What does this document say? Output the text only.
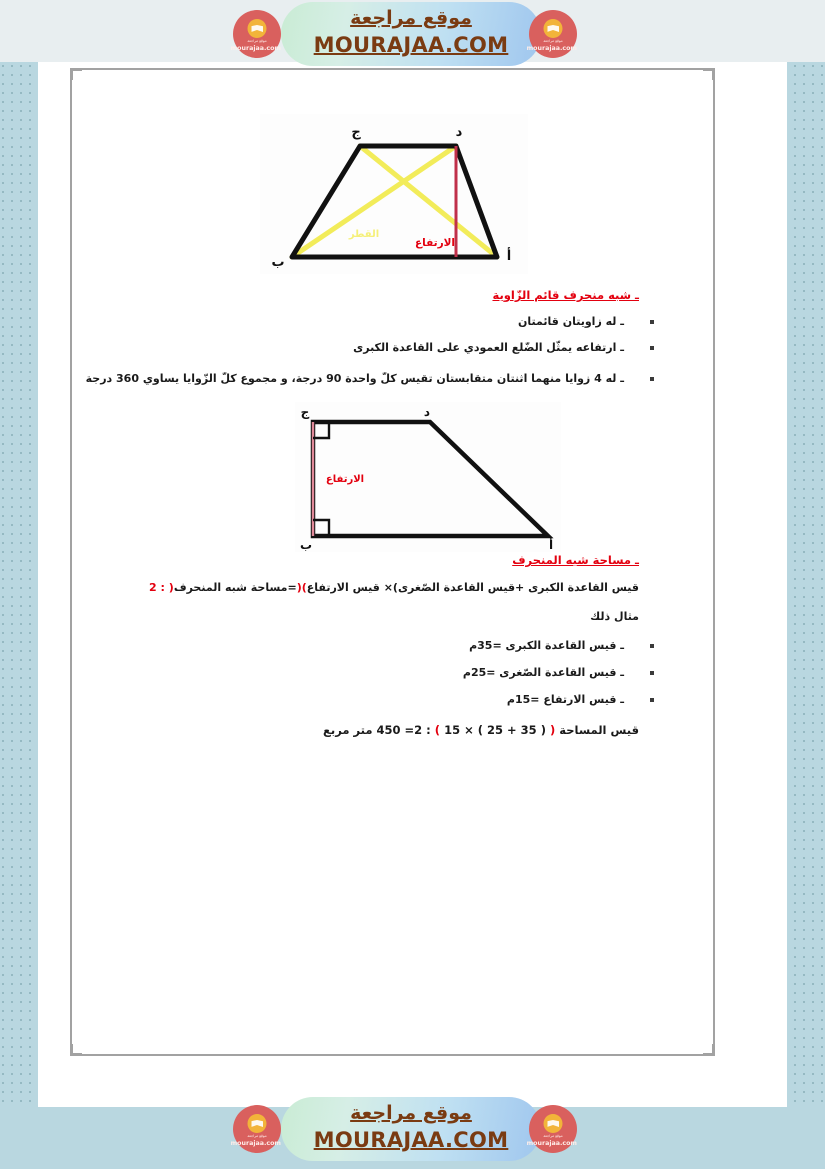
ج	د
ب	أ
القطر
الارتفاع
ـ شبه منحرف قائم الزّاوية
ـ له زاويتان قائمتان
ـ ارتفاعه يمثّل الضّلع العمودي على القاعدة الكبرى
ـ له 4 زوايا منهما اثنتان متقابستان تقيس كلّ واحدة 90 درجة، و مجموع كلّ الزّوايا يساوي 360 درجة
ج	د
ب	أ
الارتفاع
ـ مساحة شبه المنحرف
قيس القاعدة الكبرى +قيس القاعدة الصّغرى)× قيس الارتفاع)(=مساحة شبه المنحرف( : 2
مثال ذلك
ـ قيس القاعدة الكبرى =35م
ـ قيس القاعدة الصّغرى =25م
ـ قيس الارتفاع =15م
قيس المساحة ( ( 35 + 25 ) × 15 ) : 2= 450 متر مربع
موقع مراجعة
mourajaa.com
موقع مراجعة
mourajaa.com
موقع مراجعة
MOURAJAA.COM
موقع مراجعة
mourajaa.com
موقع مراجعة
mourajaa.com
موقع مراجعة
MOURAJAA.COM
